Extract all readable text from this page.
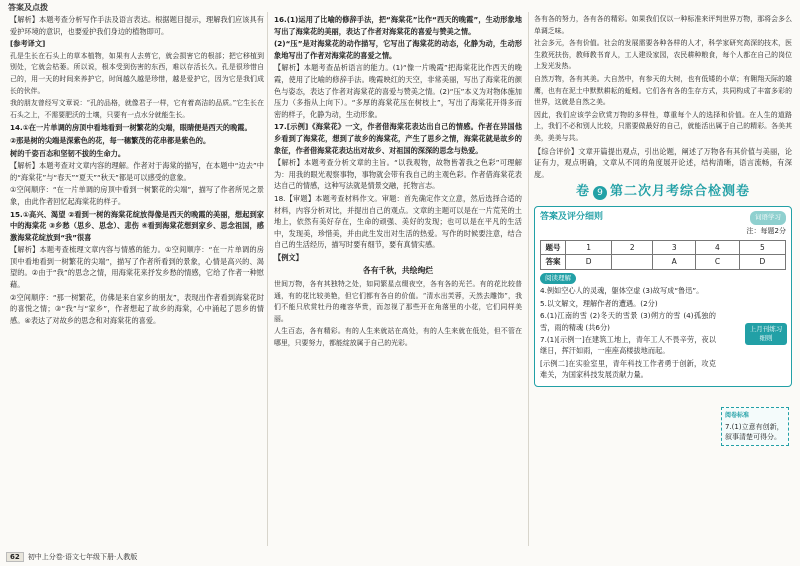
答案及点拨

【解析】本题考查分析写作手法及语言表达。根据题目提示，理解我们应该具有爱护环境的意识，也要爱护我们身边的植物即可。

[参考译文]

孔是生长在石头上的草本植物，如果有人去剪它，就会损害它的根部；把它移植到别处，它就会枯萎。所以说，根本受到伤害的东西，难以存活长久。孔是很珍惜自己的，用一天的时间来养护它，时间越久越是珍惜，越是爱护它，因为它是我们成长的伙伴。

我的朋友曾经写文章说：“孔的品格，就像君子一样，它有着高洁的品质。”它生长在石头之上，不需要肥沃的土壤，只要有一点水分就能生长。

14.①在一片单调的房顶中看地看到一树繁花的尖端，眼睛便是西天的晚霞。

②那是树的尖端是深紫色的花，每一穗繁茂的花串都是紫色的。

树的千姿百态和坚韧不拔的生命力。

【解析】本题考查对文章内容的理解。作者对于海棠的描写，在本题中“边去”中的“海棠花”与“春天”“夏天”“秋天”都是可以感受的意象。

①空间顺序：“在一片单调的房顶中看到一树繁花的尖端”，描写了作者所见之景象，由此作者回忆起海棠花的样子。

15.①高兴、渴望 ②看到一树的海棠花绽放得像是西天的晚霞的美丽，想起到家中的海棠花 ③乡愁（思乡、思念）、悲伤 ④看到海棠花想到家乡、思念祖国，感激海棠花绽放到“我”很喜

【解析】本题考查梳理文章内容与情感的能力。①空间顺序：“在一片单调的房顶中看地看到一树繁花的尖端”，描写了作者所看到的景象，心情是高兴的、渴望的。②由于“我”的思念之情，用海棠花来抒发乡愁的情感，它给了作者一种慰藉。

②空间顺序：“那一树繁花，仿佛是来自家乡的朋友”，表现出作者看到海棠花时的喜悦之情；③“我”与“家乡”，作者想起了故乡的海棠，心中涌起了思乡的情感。④表达了对故乡的思念和对海棠花的喜爱。

16.(1)运用了比喻的修辞手法，把“海棠花”比作“西天的晚霞”，生动形象地写出了海棠花的美丽，表达了作者对海棠花的喜爱与赞美之情。

(2)“压”是对海棠花的动作描写，它写出了海棠花的动态，化静为动，生动形象地写出了作者对海棠花的喜爱之情。

【解析】本题考查品析语言的能力。(1)“像一片晚霞”把海棠花比作西天的晚霞，使用了比喻的修辞手法。晚霞映红的天空，非常美丽，写出了海棠花的颜色与姿态，表达了作者对海棠花的喜爱与赞美之情。(2)“压”本义为对物体施加压力（多指从上向下）。“多厚的海棠花压在树枝上”，写出了海棠花开得多而密的样子，化静为动，生动形象。

17.[示例]《海棠花》一文，作者借海棠花表达出自己的情感。作者在异国他乡看到了海棠花，想到了故乡的海棠花，产生了思乡之情，海棠花就是故乡的象征，作者借海棠花表达出对故乡、对祖国的深深的思念与热爱。

【解析】本题考查分析文章的主旨。“以我观物，故物皆著我之色彩”可理解为：用我的眼光观察事物，事物就会带有我自己的主观色彩。作者借海棠花表达自己的情感，这种写法就是情景交融，托物言志。

18.【审题】本题考查材料作文。审题：首先确定作文立意，然后选择合适的材料，内容分析对比，并提出自己的观点。文章的主题可以是在一片荒芜的土地上，依然有美好存在，生命的顽强、美好的发现；也可以是在平凡的生活中，发现美，珍惜美，并由此生发出对生活的热爱。写作的时候要注意，结合自己的生活经历，描写时要有细节，要有真情实感。

【例文】

各有千秋，共绘绚烂

世间万物，各有其独特之处，如同繁星点缀夜空，各有各的光芒。有的花比较普通，有的花比较美艳，但它们都有各自的价值。“清水出芙蓉，天然去雕饰”，我们不能只欣赏牡丹的雍容华贵，而忽视了那些开在角落里的小花，它们同样美丽。

人生百态，各有精彩。有的人生来就站在高处，有的人生来就在低处，但不管在哪里，只要努力，都能绽放属于自己的光彩。

各有各的努力，各有各的精彩。如果我们仅以一种标准来评判世界万物，那将会多么单调乏味。

社会多元，各有价值。社会的发展需要各种各样的人才，科学家研究高深的技术，医生救死扶伤，教师教书育人，工人建设家园，农民耕种粮食，每个人都在自己的岗位上发光发热。

自然万物，各有其美。大自然中，有参天的大树，也有低矮的小草；有翱翔天际的雄鹰，也有在泥土中默默耕耘的蚯蚓。它们各有各的生存方式，共同构成了丰富多彩的世界，这就是自然之美。

因此，我们应该学会欣赏万物的多样性，尊重每个人的选择和价值。在人生的道路上，我们不必和别人比较，只需要做最好的自己，就能活出属于自己的精彩。各美其美，美美与共。

【综合评价】文章开篇提出观点，引出论题，阐述了万物各有其价值与美丽，论证有力，观点明确，文章从不同的角度展开论述，结构清晰，语言流畅，有深度。

卷 9 第二次月考综合检测卷
答案及评分细则	词语学习
注：每题2分
题号	1	2	3	4	5
答案	D		A	C	D
阅读理解

4.例如空心人的灵魂，躯体空虚 (3)故写成“鲁迅”。

5.以文解文，理解作者的遭遇。(2分)

6.(1)江南的雪 (2)冬天的雪景 (3)朔方的雪 (4)孤独的雪，雨的精魂 (共6分)

7.(1)[示例一]在建筑工地上，青年工人不畏辛劳，夜以继日，挥汗如雨，一座座高楼拔地而起。

[示例二]在实验室里，青年科技工作者勇于创新，攻克难关，为国家科技发展贡献力量。

上月刊练习细则
阅卷标准
7.(1)立意有创新，叙事清楚可得分。
62	初中上分卷·语文七年级下册·人教版
